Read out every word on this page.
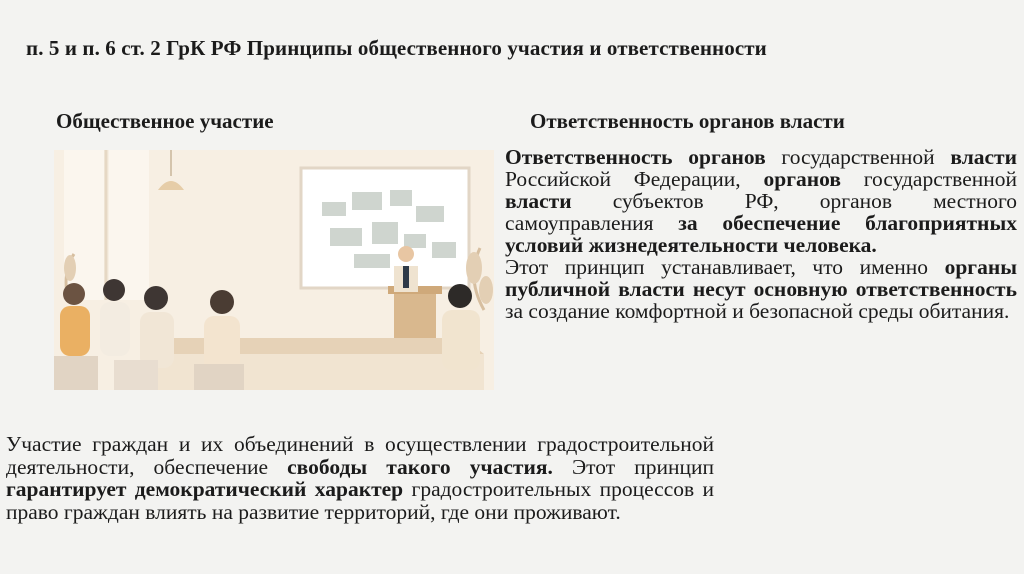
п. 5 и п. 6 ст. 2 ГрК РФ Принципы общественного участия и ответственности
Общественное участие	Ответственность органов власти

Ответственность органов государственной власти Российской Федерации, органов государственной власти субъектов РФ, органов местного самоуправления за обеспечение благоприятных условий жизнедеятельности человека.

Этот принцип устанавливает, что именно органы публичной власти несут основную ответственность за создание комфортной и безопасной среды обитания.

Участие граждан и их объединений в осуществлении градостроительной деятельности, обеспечение свободы такого участия. Этот принцип гарантирует демократический характер градостроительных процессов и право граждан влиять на развитие территорий, где они проживают.
